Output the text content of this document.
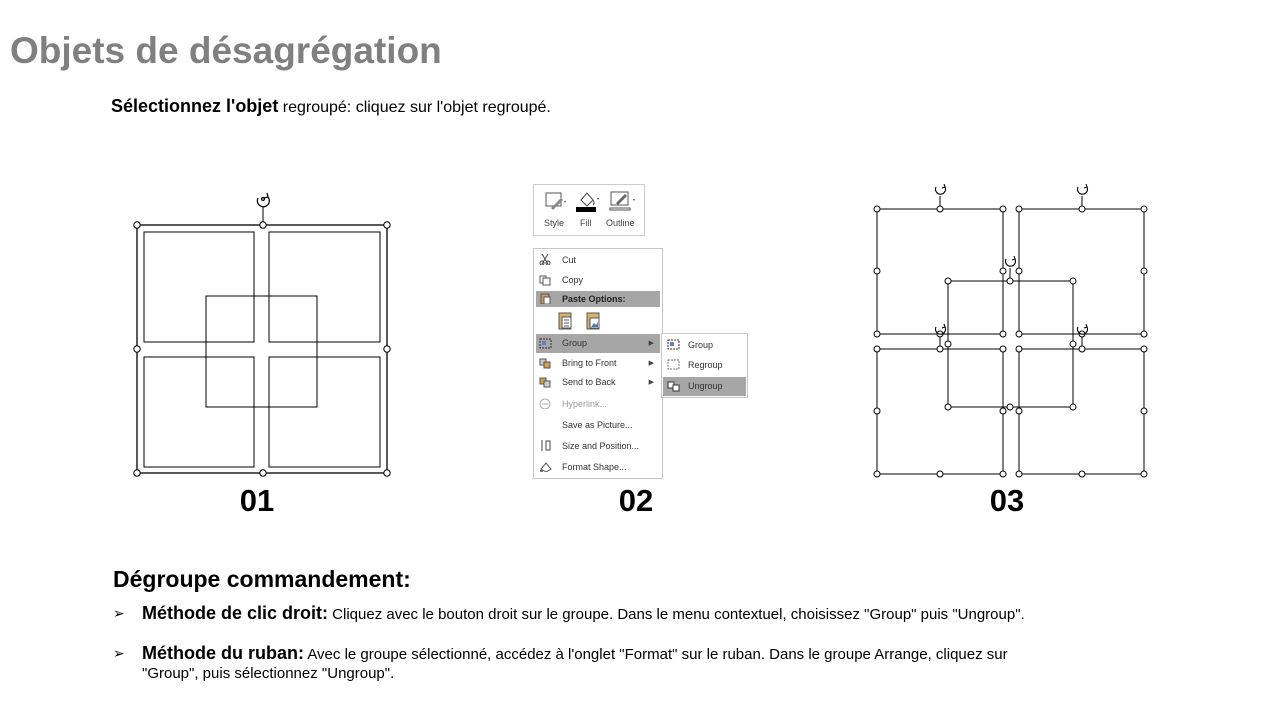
Objets de désagrégation
Sélectionnez l'objet regroupé: cliquez sur l'objet regroupé.
Style Fill Outline
Cut
Copy
Paste Options:
Group	▶
Bring to Front	▶
Send to Back	▶
Hyperlink...
Save as Picture...
Size and Position...
Format Shape...
Group
Regroup
Ungroup
01	02	03
Dégroupe commandement:
➢ Méthode de clic droit: Cliquez avec le bouton droit sur le groupe. Dans le menu contextuel, choisissez "Group" puis "Ungroup".
➢ Méthode du ruban: Avec le groupe sélectionné, accédez à l'onglet "Format" sur le ruban. Dans le groupe Arrange, cliquez sur "Group", puis sélectionnez "Ungroup".
